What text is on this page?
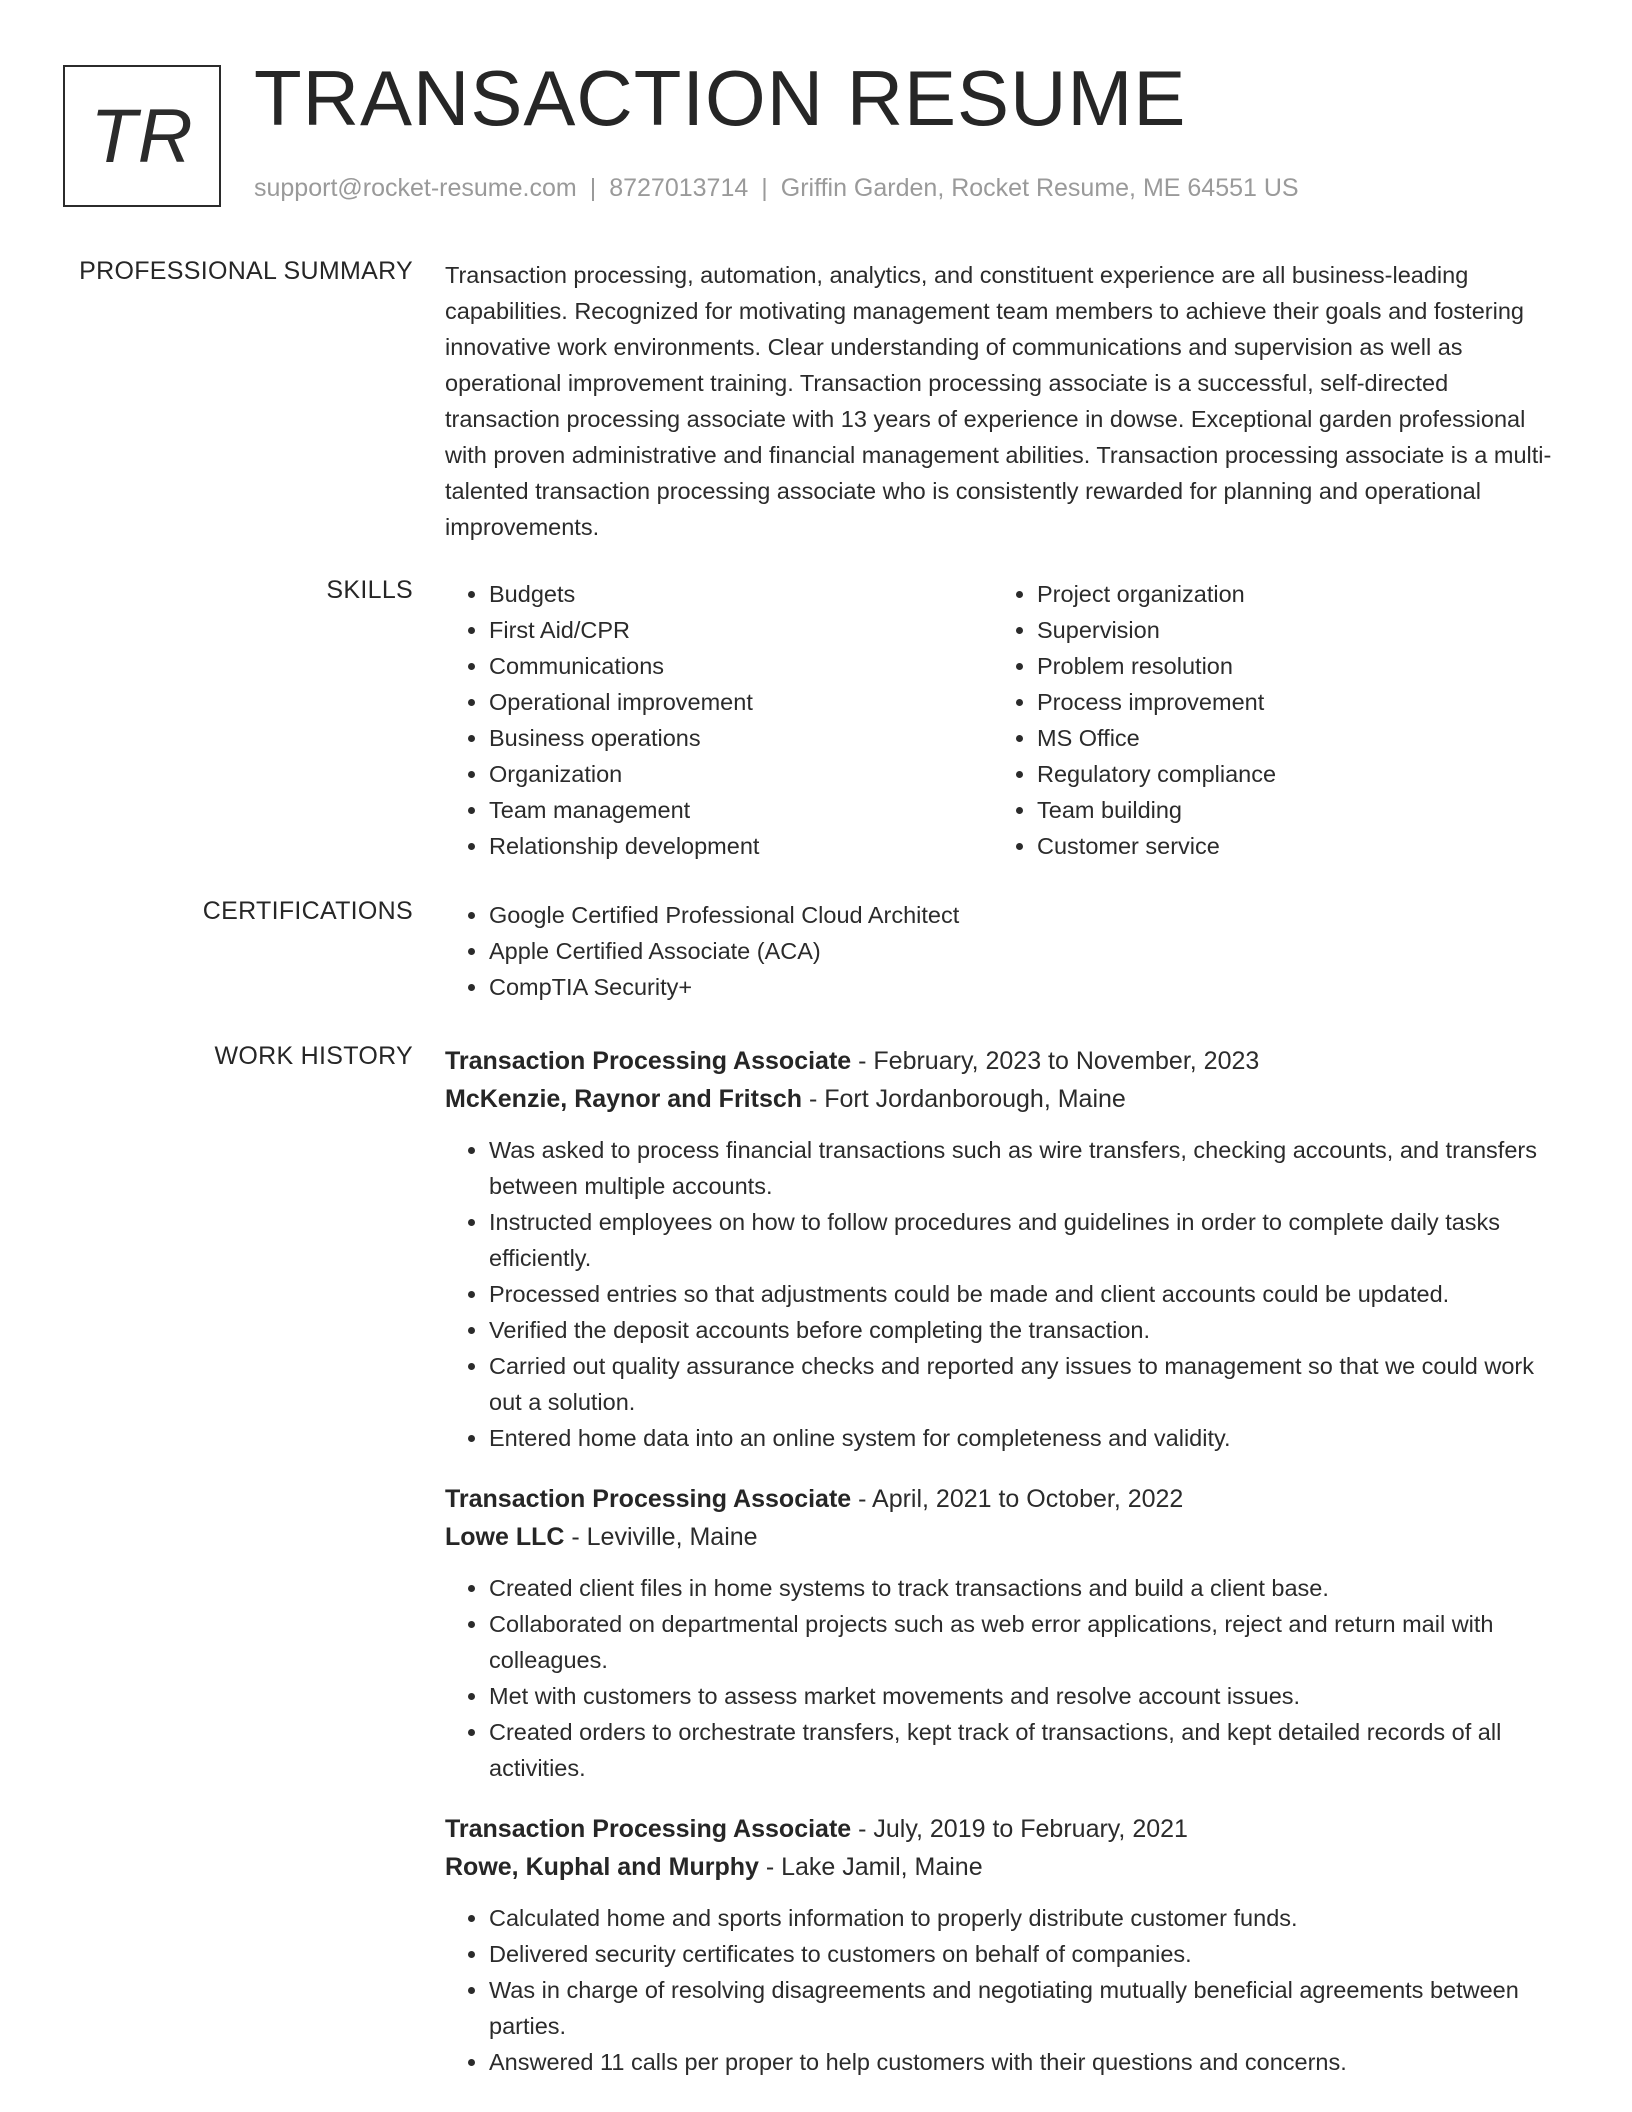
TR TRANSACTION RESUME
support@rocket-resume.com | 8727013714 | Griffin Garden, Rocket Resume, ME 64551 US
PROFESSIONAL SUMMARY Transaction processing, automation, analytics, and constituent experience are all business-leading capabilities. Recognized for motivating management team members to achieve their goals and fostering innovative work environments. Clear understanding of communications and supervision as well as operational improvement training. Transaction processing associate is a successful, self-directed transaction processing associate with 13 years of experience in dowse. Exceptional garden professional with proven administrative and financial management abilities. Transaction processing associate is a multi-talented transaction processing associate who is consistently rewarded for planning and operational improvements.

SKILLS	• Budgets
• First Aid/CPR
• Communications
• Operational improvement
• Business operations
• Organization
• Team management
• Relationship development
• Project organization
• Supervision
• Problem resolution
• Process improvement
• MS Office
• Regulatory compliance
• Team building
• Customer service
CERTIFICATIONS	• Google Certified Professional Cloud Architect
• Apple Certified Associate (ACA)
• CompTIA Security+
WORK HISTORY Transaction Processing Associate - February, 2023 to November, 2023
McKenzie, Raynor and Fritsch - Fort Jordanborough, Maine
• Was asked to process financial transactions such as wire transfers, checking accounts, and transfers between multiple accounts.
• Instructed employees on how to follow procedures and guidelines in order to complete daily tasks efficiently.
• Processed entries so that adjustments could be made and client accounts could be updated.
• Verified the deposit accounts before completing the transaction.
• Carried out quality assurance checks and reported any issues to management so that we could work out a solution.
• Entered home data into an online system for completeness and validity.
Transaction Processing Associate - April, 2021 to October, 2022
Lowe LLC - Leviville, Maine
• Created client files in home systems to track transactions and build a client base.
• Collaborated on departmental projects such as web error applications, reject and return mail with colleagues.
• Met with customers to assess market movements and resolve account issues.
• Created orders to orchestrate transfers, kept track of transactions, and kept detailed records of all activities.
Transaction Processing Associate - July, 2019 to February, 2021
Rowe, Kuphal and Murphy - Lake Jamil, Maine
• Calculated home and sports information to properly distribute customer funds.
• Delivered security certificates to customers on behalf of companies.
• Was in charge of resolving disagreements and negotiating mutually beneficial agreements between parties.
• Answered 11 calls per proper to help customers with their questions and concerns.
